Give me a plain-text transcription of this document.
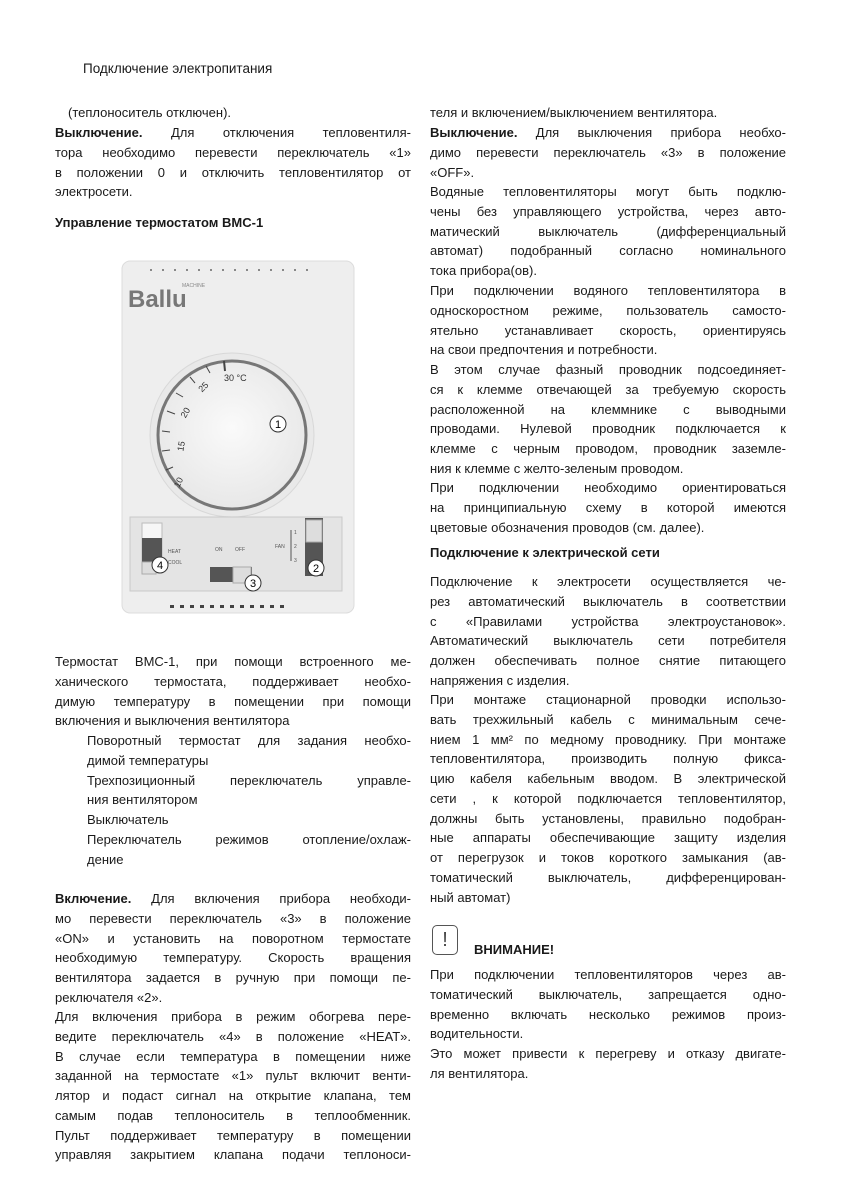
Подключение электропитания
(теплоноситель отключен).
Выключение. Для отключения тепловентиля-
тора необходимо перевести переключатель «1»
в положении 0 и отключить тепловентилятор от
электросети.
Управление термостатом BMC-1
Ballu
MACHINE
10
15
20
25
30 °C
1
HEAT
COOL
4
ON	OFF
3
FAN
1
2
3
2
Термостат BMC-1, при помощи встроенного ме-
ханического термостата, поддерживает необхо-
димую температуру в помещении при помощи
включения и выключения вентилятора
Поворотный термостат для задания необхо-
димой температуры
Трехпозиционный переключатель управле-
ния вентилятором
Выключатель
Переключатель режимов отопление/охлаж-
дение
Включение. Для включения прибора необходи-
мо перевести переключатель «3» в положение
«ON» и установить на поворотном термостате
необходимую температуру. Скорость вращения
вентилятора задается в ручную при помощи пе-
реключателя «2».
Для включения прибора в режим обогрева пере-
ведите переключатель «4» в положение «HEAT».
В случае если температура в помещении ниже
заданной на термостате «1» пульт включит венти-
лятор и подаст сигнал на открытие клапана, тем
самым подав теплоноситель в теплообменник.
Пульт поддерживает температуру в помещении
управляя закрытием клапана подачи теплоноси-
теля и включением/выключением вентилятора.
Выключение. Для выключения прибора необхо-
димо перевести переключатель «3» в положение
«OFF».
Водяные тепловентиляторы могут быть подклю-
чены без управляющего устройства, через авто-
матический выключатель (дифференциальный
автомат) подобранный согласно номинального
тока прибора(ов).
При подключении водяного тепловентилятора в
односкоростном режиме, пользователь самосто-
ятельно устанавливает скорость, ориентируясь
на свои предпочтения и потребности.
В этом случае фазный проводник подсоединяет-
ся к клемме отвечающей за требуемую скорость
расположенной на клеммнике с выводными
проводами. Нулевой проводник подключается к
клемме с черным проводом, проводник заземле-
ния к клемме с желто-зеленым проводом.
При подключении необходимо ориентироваться
на принципиальную схему в которой имеются
цветовые обозначения проводов (см. далее).
Подключение к электрической сети
Подключение к электросети осуществляется че-
рез автоматический выключатель в соответствии
с «Правилами устройства электроустановок».
Автоматический выключатель сети потребителя
должен обеспечивать полное снятие питающего
напряжения с изделия.
При монтаже стационарной проводки использо-
вать трехжильный кабель с минимальным сече-
нием 1 мм² по медному проводнику. При монтаже
тепловентилятора, производить полную фикса-
цию кабеля кабельным вводом. В электрической
сети , к которой подключается тепловентилятор,
должны быть установлены, правильно подобран-
ные аппараты обеспечивающие защиту изделия
от перегрузок и токов короткого замыкания (ав-
томатический выключатель, дифференцирован-
ный автомат)
!	ВНИМАНИЕ!
При подключении тепловентиляторов через ав-
томатический выключатель, запрещается одно-
временно включать несколько режимов произ-
водительности.
Это может привести к перегреву и отказу двигате-
ля вентилятора.
